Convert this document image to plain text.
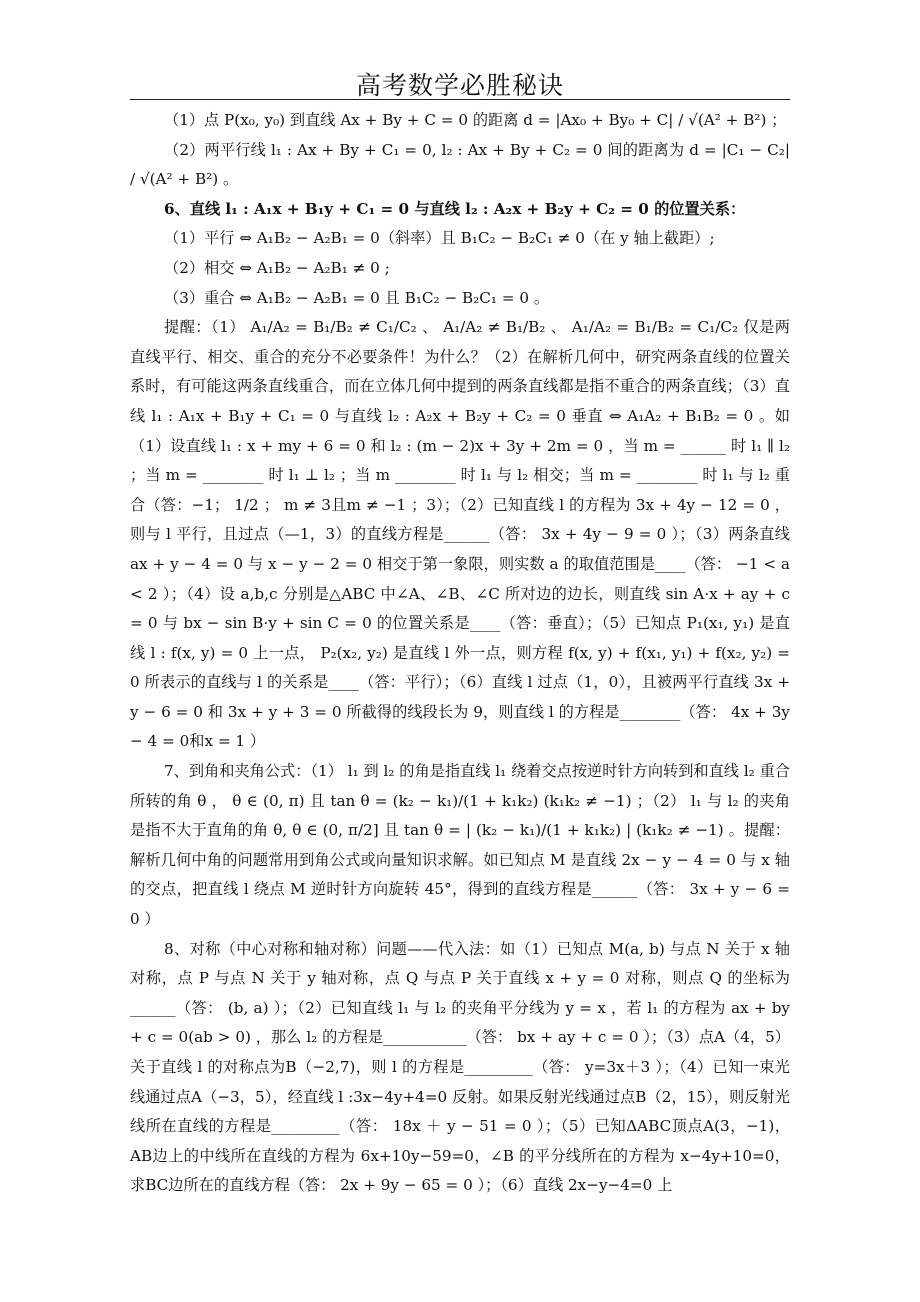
高考数学必胜秘诀

（1）点 P(x₀, y₀) 到直线 Ax + By + C = 0 的距离 d = |Ax₀ + By₀ + C| / √(A² + B²) ；

（2）两平行线 l₁ : Ax + By + C₁ = 0, l₂ : Ax + By + C₂ = 0 间的距离为 d = |C₁ − C₂| / √(A² + B²) 。

6、直线 l₁ : A₁x + B₁y + C₁ = 0 与直线 l₂ : A₂x + B₂y + C₂ = 0 的位置关系：

（1）平行 ⇔ A₁B₂ − A₂B₁ = 0（斜率）且 B₁C₂ − B₂C₁ ≠ 0（在 y 轴上截距）;

（2）相交 ⇔ A₁B₂ − A₂B₁ ≠ 0 ;

（3）重合 ⇔ A₁B₂ − A₂B₁ = 0 且 B₁C₂ − B₂C₁ = 0 。

提醒：（1） A₁/A₂ = B₁/B₂ ≠ C₁/C₂ 、 A₁/A₂ ≠ B₁/B₂ 、 A₁/A₂ = B₁/B₂ = C₁/C₂ 仅是两直线平行、相交、重合的充分不必要条件！为什么？（2）在解析几何中，研究两条直线的位置关系时，有可能这两条直线重合，而在立体几何中提到的两条直线都是指不重合的两条直线；（3）直线 l₁ : A₁x + B₁y + C₁ = 0 与直线 l₂ : A₂x + B₂y + C₂ = 0 垂直 ⇔ A₁A₂ + B₁B₂ = 0 。如（1）设直线 l₁ : x + my + 6 = 0 和 l₂ : (m − 2)x + 3y + 2m = 0 ，当 m = ______ 时 l₁ ∥ l₂ ；当 m = ________ 时 l₁ ⊥ l₂ ；当 m ________ 时 l₁ 与 l₂ 相交；当 m = ________ 时 l₁ 与 l₂ 重合（答：−1； 1/2 ； m ≠ 3且m ≠ −1 ；3）；（2）已知直线 l 的方程为 3x + 4y − 12 = 0 ，则与 l 平行，且过点（—1，3）的直线方程是______（答： 3x + 4y − 9 = 0 ）；（3）两条直线 ax + y − 4 = 0 与 x − y − 2 = 0 相交于第一象限，则实数 a 的取值范围是____（答： −1 < a < 2 ）；（4）设 a,b,c 分别是△ABC 中∠A、∠B、∠C 所对边的边长，则直线 sin A·x + ay + c = 0 与 bx − sin B·y + sin C = 0 的位置关系是____（答：垂直）；（5）已知点 P₁(x₁, y₁) 是直线 l : f(x, y) = 0 上一点， P₂(x₂, y₂) 是直线 l 外一点，则方程 f(x, y) + f(x₁, y₁) + f(x₂, y₂) = 0 所表示的直线与 l 的关系是____（答：平行）；（6）直线 l 过点（1，0），且被两平行直线 3x + y − 6 = 0 和 3x + y + 3 = 0 所截得的线段长为 9，则直线 l 的方程是________（答： 4x + 3y − 4 = 0和x = 1 ）

7、到角和夹角公式：（1） l₁ 到 l₂ 的角是指直线 l₁ 绕着交点按逆时针方向转到和直线 l₂ 重合所转的角 θ ， θ ∈ (0, π) 且 tan θ = (k₂ − k₁)/(1 + k₁k₂) (k₁k₂ ≠ −1) ；（2） l₁ 与 l₂ 的夹角是指不大于直角的角 θ, θ ∈ (0, π/2] 且 tan θ = | (k₂ − k₁)/(1 + k₁k₂) | (k₁k₂ ≠ −1) 。提醒：解析几何中角的问题常用到角公式或向量知识求解。如已知点 M 是直线 2x − y − 4 = 0 与 x 轴的交点，把直线 l 绕点 M 逆时针方向旋转 45°，得到的直线方程是______（答： 3x + y − 6 = 0 ）

8、对称（中心对称和轴对称）问题——代入法：如（1）已知点 M(a, b) 与点 N 关于 x 轴对称，点 P 与点 N 关于 y 轴对称，点 Q 与点 P 关于直线 x + y = 0 对称，则点 Q 的坐标为______（答： (b, a) ）；（2）已知直线 l₁ 与 l₂ 的夹角平分线为 y = x ，若 l₁ 的方程为 ax + by + c = 0(ab > 0) ，那么 l₂ 的方程是___________（答： bx + ay + c = 0 ）；（3）点A（4，5）关于直线 l 的对称点为B（−2,7)，则 l 的方程是_________（答： y=3x＋3 ）；（4）已知一束光线通过点A（−3，5），经直线 l :3x−4y+4=0 反射。如果反射光线通过点B（2，15），则反射光线所在直线的方程是_________（答： 18x ＋ y − 51 = 0 ）；（5）已知ΔABC顶点A(3，−1)，AB边上的中线所在直线的方程为 6x+10y−59=0，∠B 的平分线所在的方程为 x−4y+10=0，求BC边所在的直线方程（答： 2x + 9y − 65 = 0 ）；（6）直线 2x−y−4=0 上
